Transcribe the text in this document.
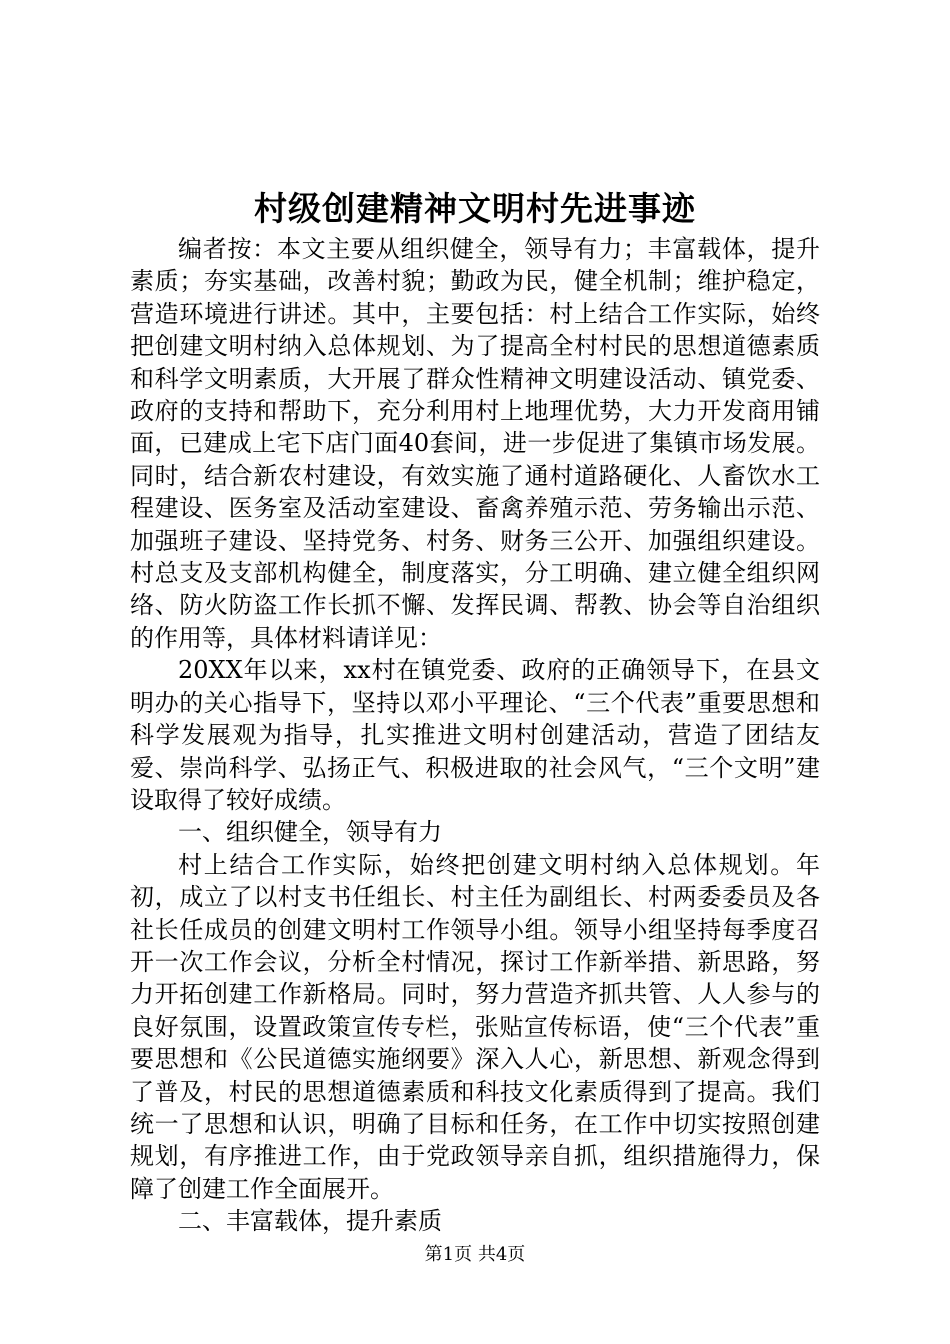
村级创建精神文明村先进事迹

编者按：本文主要从组织健全，领导有力；丰富载体，提升素质；夯实基础，改善村貌；勤政为民，健全机制；维护稳定，营造环境进行讲述。其中，主要包括：村上结合工作实际，始终把创建文明村纳入总体规划、为了提高全村村民的思想道德素质和科学文明素质，大开展了群众性精神文明建设活动、镇党委、政府的支持和帮助下，充分利用村上地理优势，大力开发商用铺面，已建成上宅下店门面40套间，进一步促进了集镇市场发展。同时，结合新农村建设，有效实施了通村道路硬化、人畜饮水工程建设、医务室及活动室建设、畜禽养殖示范、劳务输出示范、加强班子建设、坚持党务、村务、财务三公开、加强组织建设。村总支及支部机构健全，制度落实，分工明确、建立健全组织网络、防火防盗工作长抓不懈、发挥民调、帮教、协会等自治组织的作用等，具体材料请详见：

20XX年以来，xx村在镇党委、政府的正确领导下，在县文明办的关心指导下，坚持以邓小平理论、“三个代表”重要思想和科学发展观为指导，扎实推进文明村创建活动，营造了团结友爱、崇尚科学、弘扬正气、积极进取的社会风气，“三个文明”建设取得了较好成绩。

一、组织健全，领导有力

村上结合工作实际，始终把创建文明村纳入总体规划。年初，成立了以村支书任组长、村主任为副组长、村两委委员及各社长任成员的创建文明村工作领导小组。领导小组坚持每季度召开一次工作会议，分析全村情况，探讨工作新举措、新思路，努力开拓创建工作新格局。同时，努力营造齐抓共管、人人参与的良好氛围，设置政策宣传专栏，张贴宣传标语，使“三个代表”重要思想和《公民道德实施纲要》深入人心，新思想、新观念得到了普及，村民的思想道德素质和科技文化素质得到了提高。我们统一了思想和认识，明确了目标和任务，在工作中切实按照创建规划，有序推进工作，由于党政领导亲自抓，组织措施得力，保障了创建工作全面展开。

二、丰富载体，提升素质

第1页 共4页
